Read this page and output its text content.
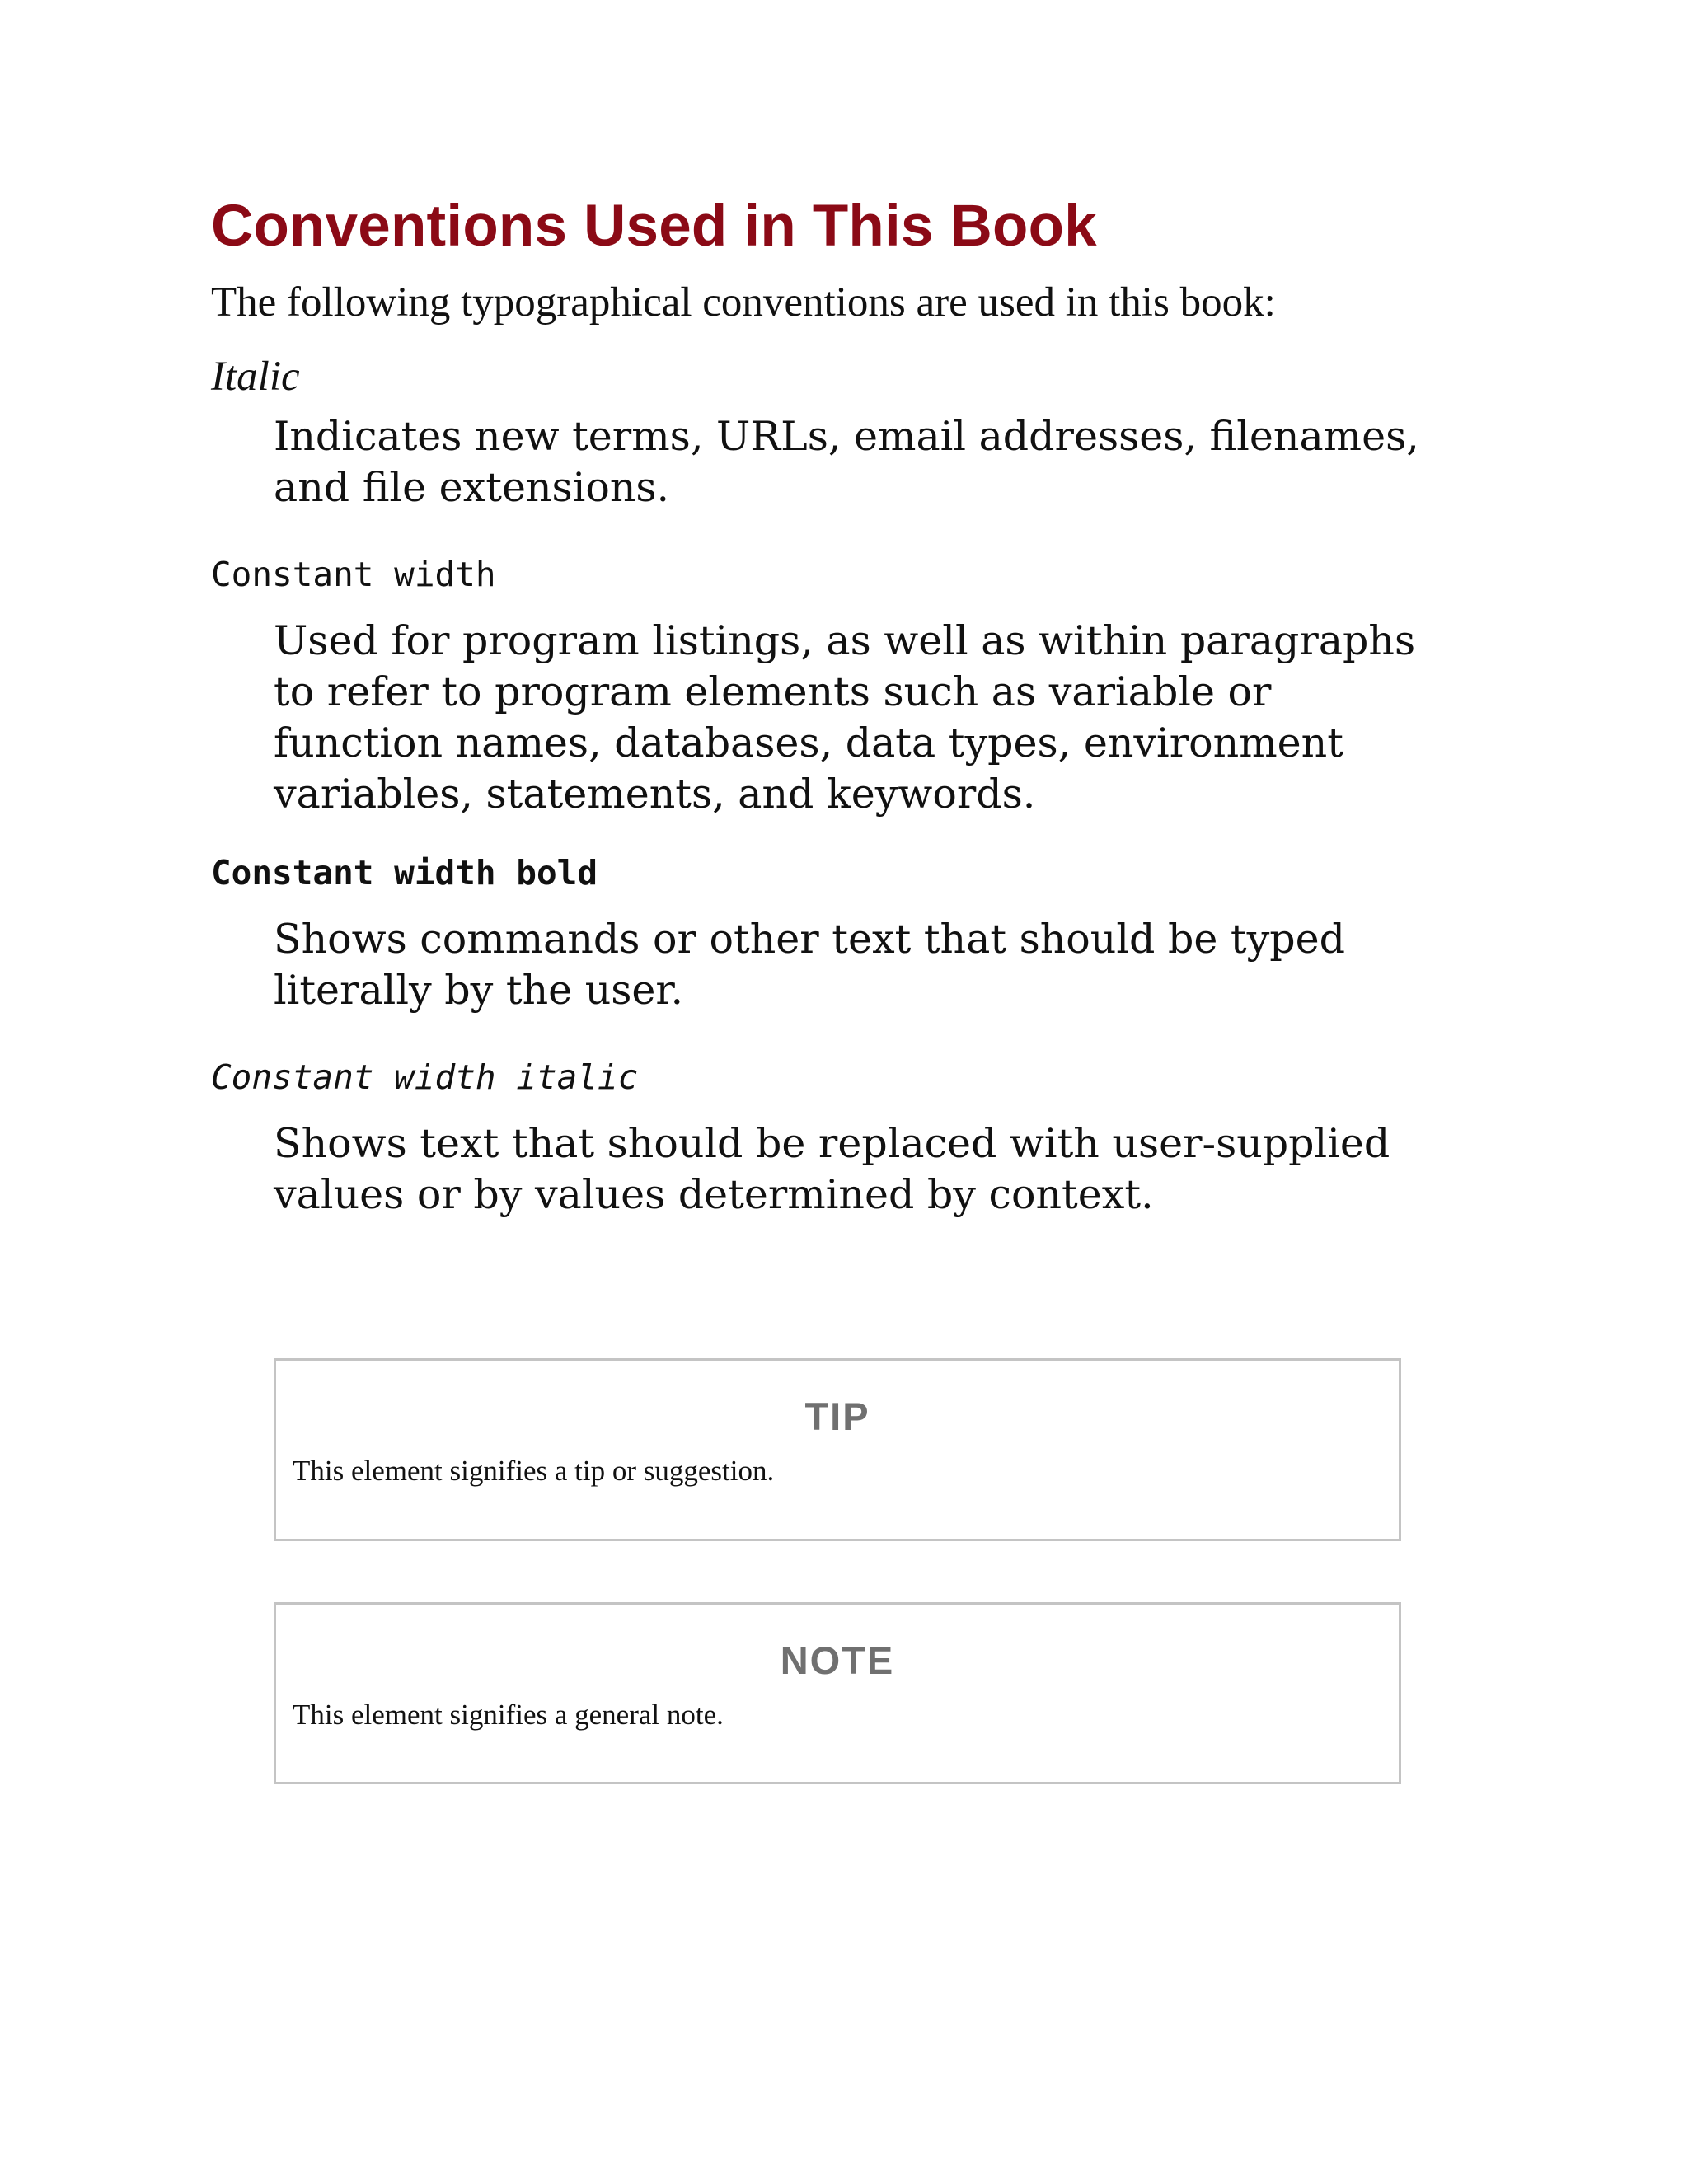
Conventions Used in This Book

The following typographical conventions are used in this book:

Italic

Indicates new terms, URLs, email addresses, filenames, and file extensions.

Constant width

Used for program listings, as well as within paragraphs to refer to program elements such as variable or function names, databases, data types, environment variables, statements, and keywords.

Constant width bold

Shows commands or other text that should be typed literally by the user.

Constant width italic

Shows text that should be replaced with user-supplied values or by values determined by context.

TIP
This element signifies a tip or suggestion.
NOTE
This element signifies a general note.
